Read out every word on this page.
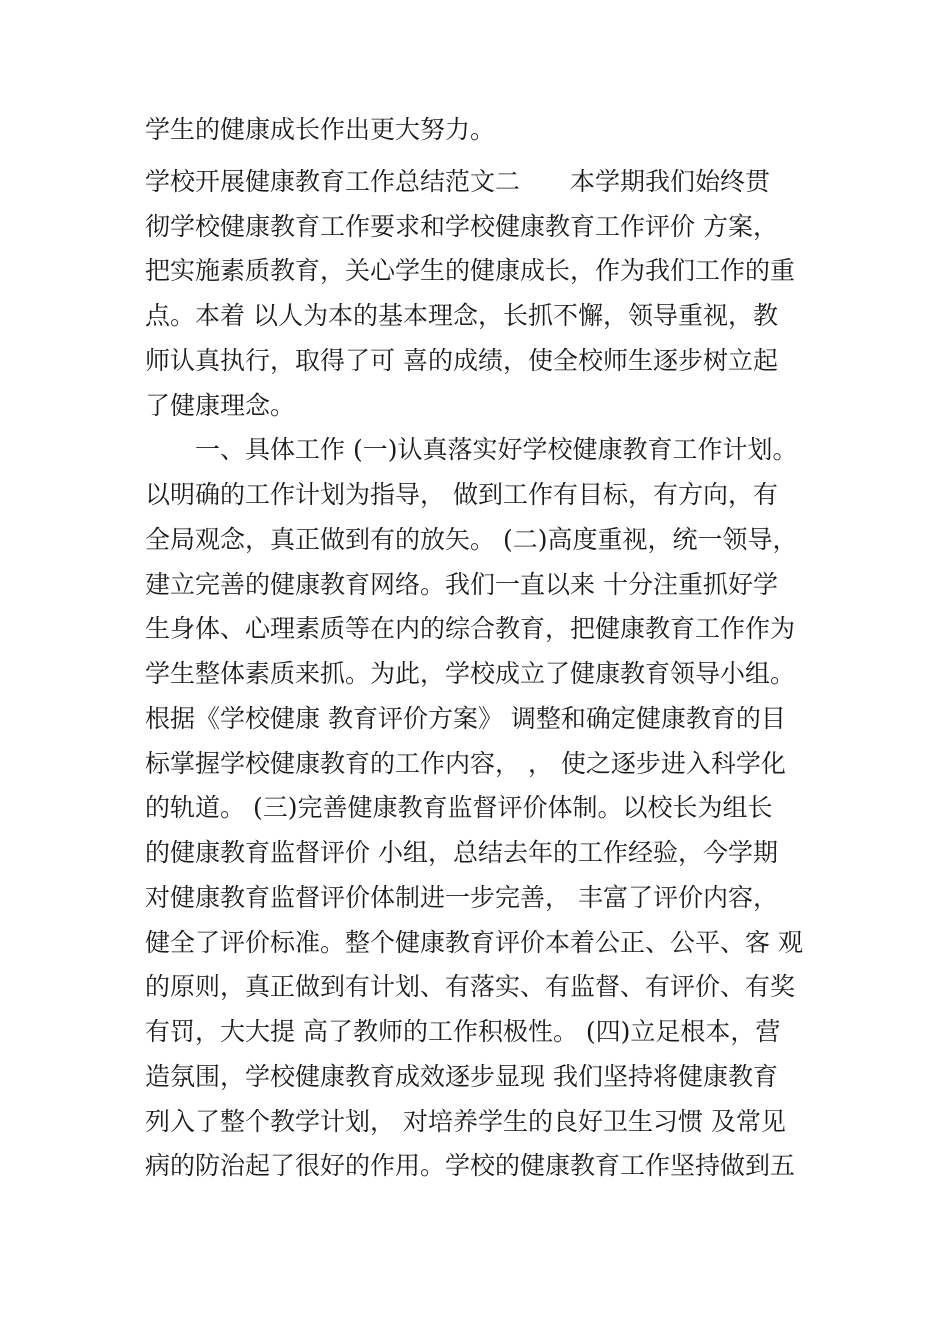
学生的健康成长作出更大努力。
学校开展健康教育工作总结范文二　　本学期我们始终贯
彻学校健康教育工作要求和学校健康教育工作评价 方案，
把实施素质教育，关心学生的健康成长，作为我们工作的重
点。本着 以人为本的基本理念，长抓不懈，领导重视，教
师认真执行，取得了可 喜的成绩，使全校师生逐步树立起
了健康理念。
　　一、具体工作 (一)认真落实好学校健康教育工作计划。
以明确的工作计划为指导， 做到工作有目标，有方向，有
全局观念，真正做到有的放矢。 (二)高度重视，统一领导，
建立完善的健康教育网络。我们一直以来 十分注重抓好学
生身体、心理素质等在内的综合教育，把健康教育工作作为
学生整体素质来抓。为此，学校成立了健康教育领导小组。
根据《学校健康 教育评价方案》 调整和确定健康教育的目
标掌握学校健康教育的工作内容， ， 使之逐步进入科学化
的轨道。 (三)完善健康教育监督评价体制。以校长为组长
的健康教育监督评价 小组，总结去年的工作经验，今学期
对健康教育监督评价体制进一步完善， 丰富了评价内容，
健全了评价标准。整个健康教育评价本着公正、公平、客 观
的原则，真正做到有计划、有落实、有监督、有评价、有奖
有罚，大大提 高了教师的工作积极性。 (四)立足根本，营
造氛围，学校健康教育成效逐步显现 我们坚持将健康教育
列入了整个教学计划， 对培养学生的良好卫生习惯 及常见
病的防治起了很好的作用。学校的健康教育工作坚持做到五
